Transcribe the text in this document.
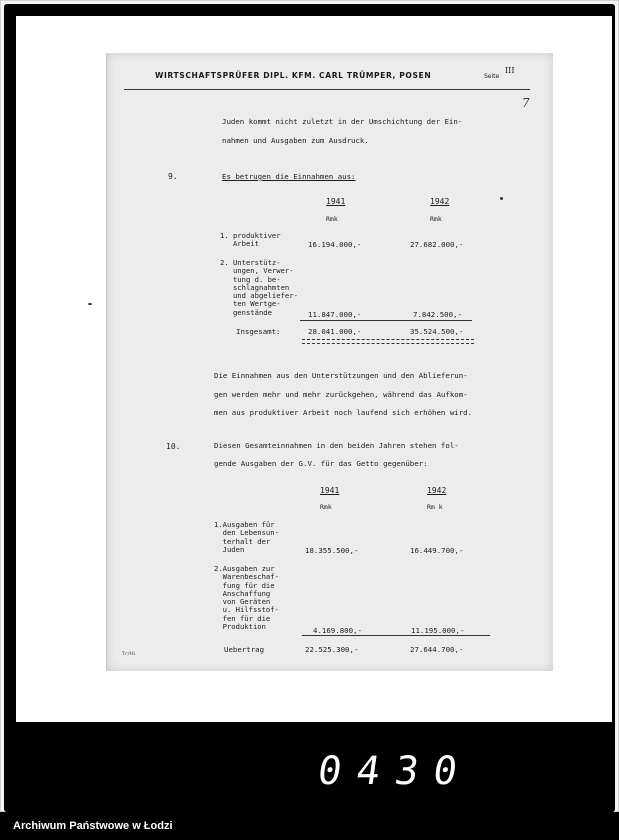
WIRTSCHAFTSPRÜFER DIPL. KFM. CARL TRÜMPER, POSEN	Seite
III
7
Juden kommt nicht zuletzt in der Umschichtung der Ein-
nahmen und Ausgaben zum Ausdruck.
9.	Es betrugen die Einnahmen aus:
1941	1942
Rmk	Rmk
1. produktiver
Arbeit	16.194.000,-	27.682.000,-
2. Unterstütz-
ungen, Verwer-
tung d. be-
schlagnahmten
und abgeliefer-
ten Wertge-
genstände	11.847.000,-	7.842.500,-
Insgesamt:	28.041.000,-	35.524.500,-
Die Einnahmen aus den Unterstützungen und den Ablieferun-
gen werden mehr und mehr zurückgehen, während das Aufkom-
men aus produktiver Arbeit noch laufend sich erhöhen wird.
10.	Diesen Gesamteinnahmen in den beiden Jahren stehen fol-
gende Ausgaben der G.V. für das Getto gegenüber:
1941	1942
Rmk	Rm k
1.Ausgaben für
den Lebensun-
terhalt der
Juden	18.355.500,-	16.449.700,-
2.Ausgaben zur
Warenbeschaf-
fung für die
Anschaffung
von Geräten
u. Hilfsstof-
fen für die
Produktion	4.169.800,-	11.195.000,-
Uebertrag	22.525.300,-	27.644.700,-
Tr/Hi
0430
Archiwum Państwowe w Łodzi
